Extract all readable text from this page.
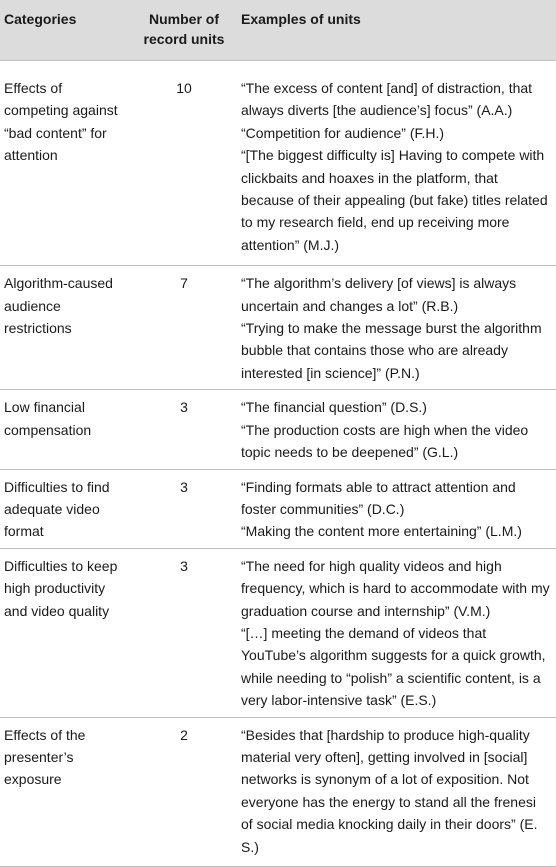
Categories	Number of record units	Examples of units
Effects of competing against “bad content” for attention	10	“The excess of content [and] of distraction, that always diverts [the audience’s] focus” (A.A.)
“Competition for audience” (F.H.)
“[The biggest difficulty is] Having to compete with clickbaits and hoaxes in the platform, that because of their appealing (but fake) titles related to my research field, end up receiving more attention” (M.J.)

Algorithm-caused audience restrictions	7	“The algorithm’s delivery [of views] is always uncertain and changes a lot” (R.B.)
“Trying to make the message burst the algorithm bubble that contains those who are already interested [in science]” (P.N.)

Low financial compensation	3	“The financial question” (D.S.)
“The production costs are high when the video topic needs to be deepened” (G.L.)

Difficulties to find adequate video format	3	“Finding formats able to attract attention and foster communities” (D.C.)
“Making the content more entertaining” (L.M.)

Difficulties to keep high productivity and video quality	3	“The need for high quality videos and high frequency, which is hard to accommodate with my graduation course and internship” (V.M.)
“[…] meeting the demand of videos that YouTube’s algorithm suggests for a quick growth, while needing to “polish” a scientific content, is a very labor-intensive task” (E.S.)

Effects of the presenter’s exposure	2	“Besides that [hardship to produce high-quality material very often], getting involved in [social] networks is synonym of a lot of exposition. Not everyone has the energy to stand all the frenesi of social media knocking daily in their doors” (E. S.)
